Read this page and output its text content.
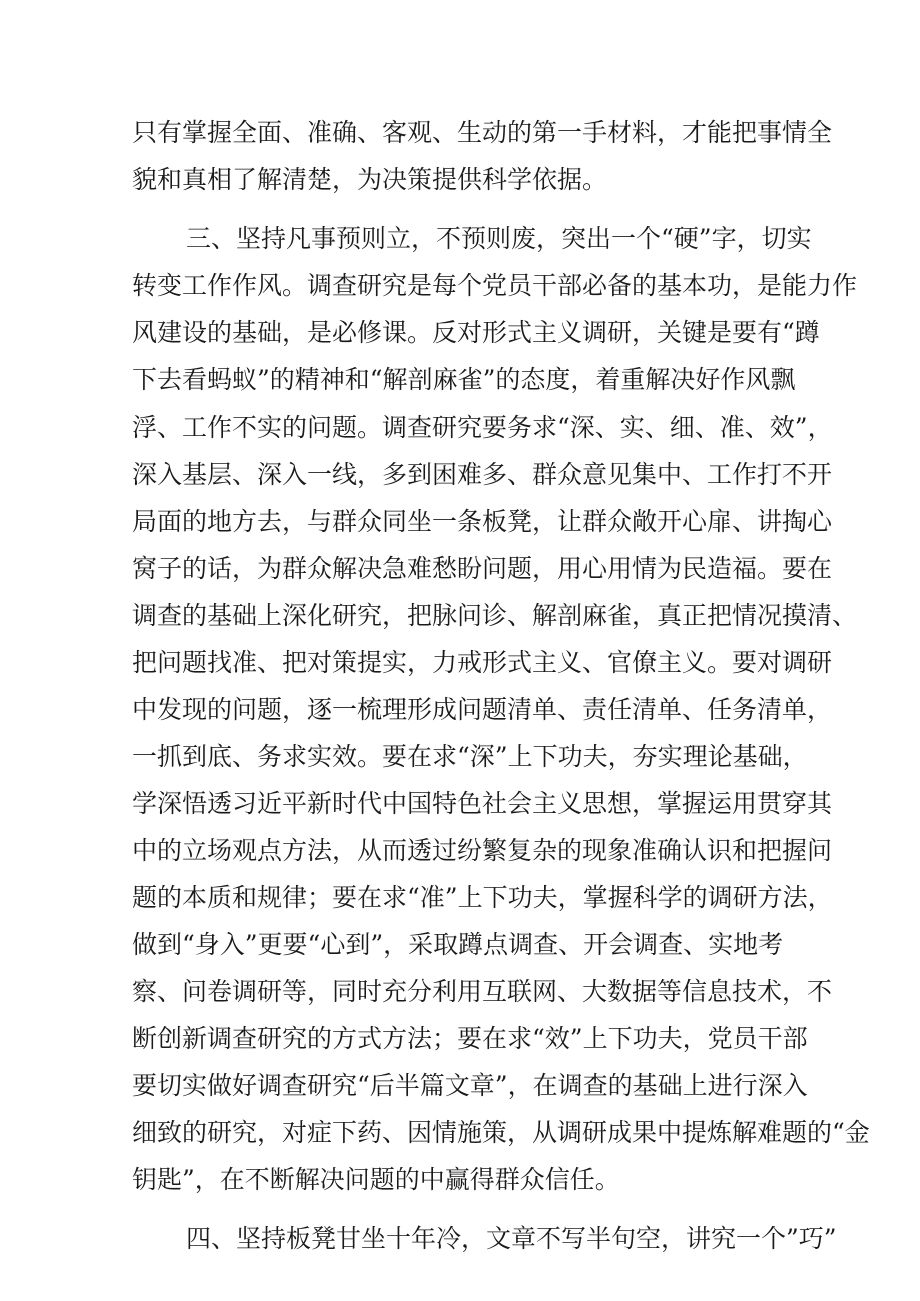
只有掌握全面、准确、客观、生动的第一手材料，才能把事情全
貌和真相了解清楚，为决策提供科学依据。
三、坚持凡事预则立，不预则废，突出一个“硬”字，切实
转变工作作风。调查研究是每个党员干部必备的基本功，是能力作
风建设的基础，是必修课。反对形式主义调研，关键是要有“蹲
下去看蚂蚁”的精神和“解剖麻雀”的态度，着重解决好作风飘
浮、工作不实的问题。调查研究要务求“深、实、细、准、效”，
深入基层、深入一线，多到困难多、群众意见集中、工作打不开
局面的地方去，与群众同坐一条板凳，让群众敞开心扉、讲掏心
窝子的话，为群众解决急难愁盼问题，用心用情为民造福。要在
调查的基础上深化研究，把脉问诊、解剖麻雀，真正把情况摸清、
把问题找准、把对策提实，力戒形式主义、官僚主义。要对调研
中发现的问题，逐一梳理形成问题清单、责任清单、任务清单，
一抓到底、务求实效。要在求“深”上下功夫，夯实理论基础，
学深悟透习近平新时代中国特色社会主义思想，掌握运用贯穿其
中的立场观点方法，从而透过纷繁复杂的现象准确认识和把握问
题的本质和规律；要在求“准”上下功夫，掌握科学的调研方法，
做到“身入”更要“心到”，采取蹲点调查、开会调查、实地考
察、问卷调研等，同时充分利用互联网、大数据等信息技术，不
断创新调查研究的方式方法；要在求“效”上下功夫，党员干部
要切实做好调查研究“后半篇文章”，在调查的基础上进行深入
细致的研究，对症下药、因情施策，从调研成果中提炼解难题的“金
钥匙”，在不断解决问题的中赢得群众信任。
四、坚持板凳甘坐十年冷，文章不写半句空，讲究一个”巧”
